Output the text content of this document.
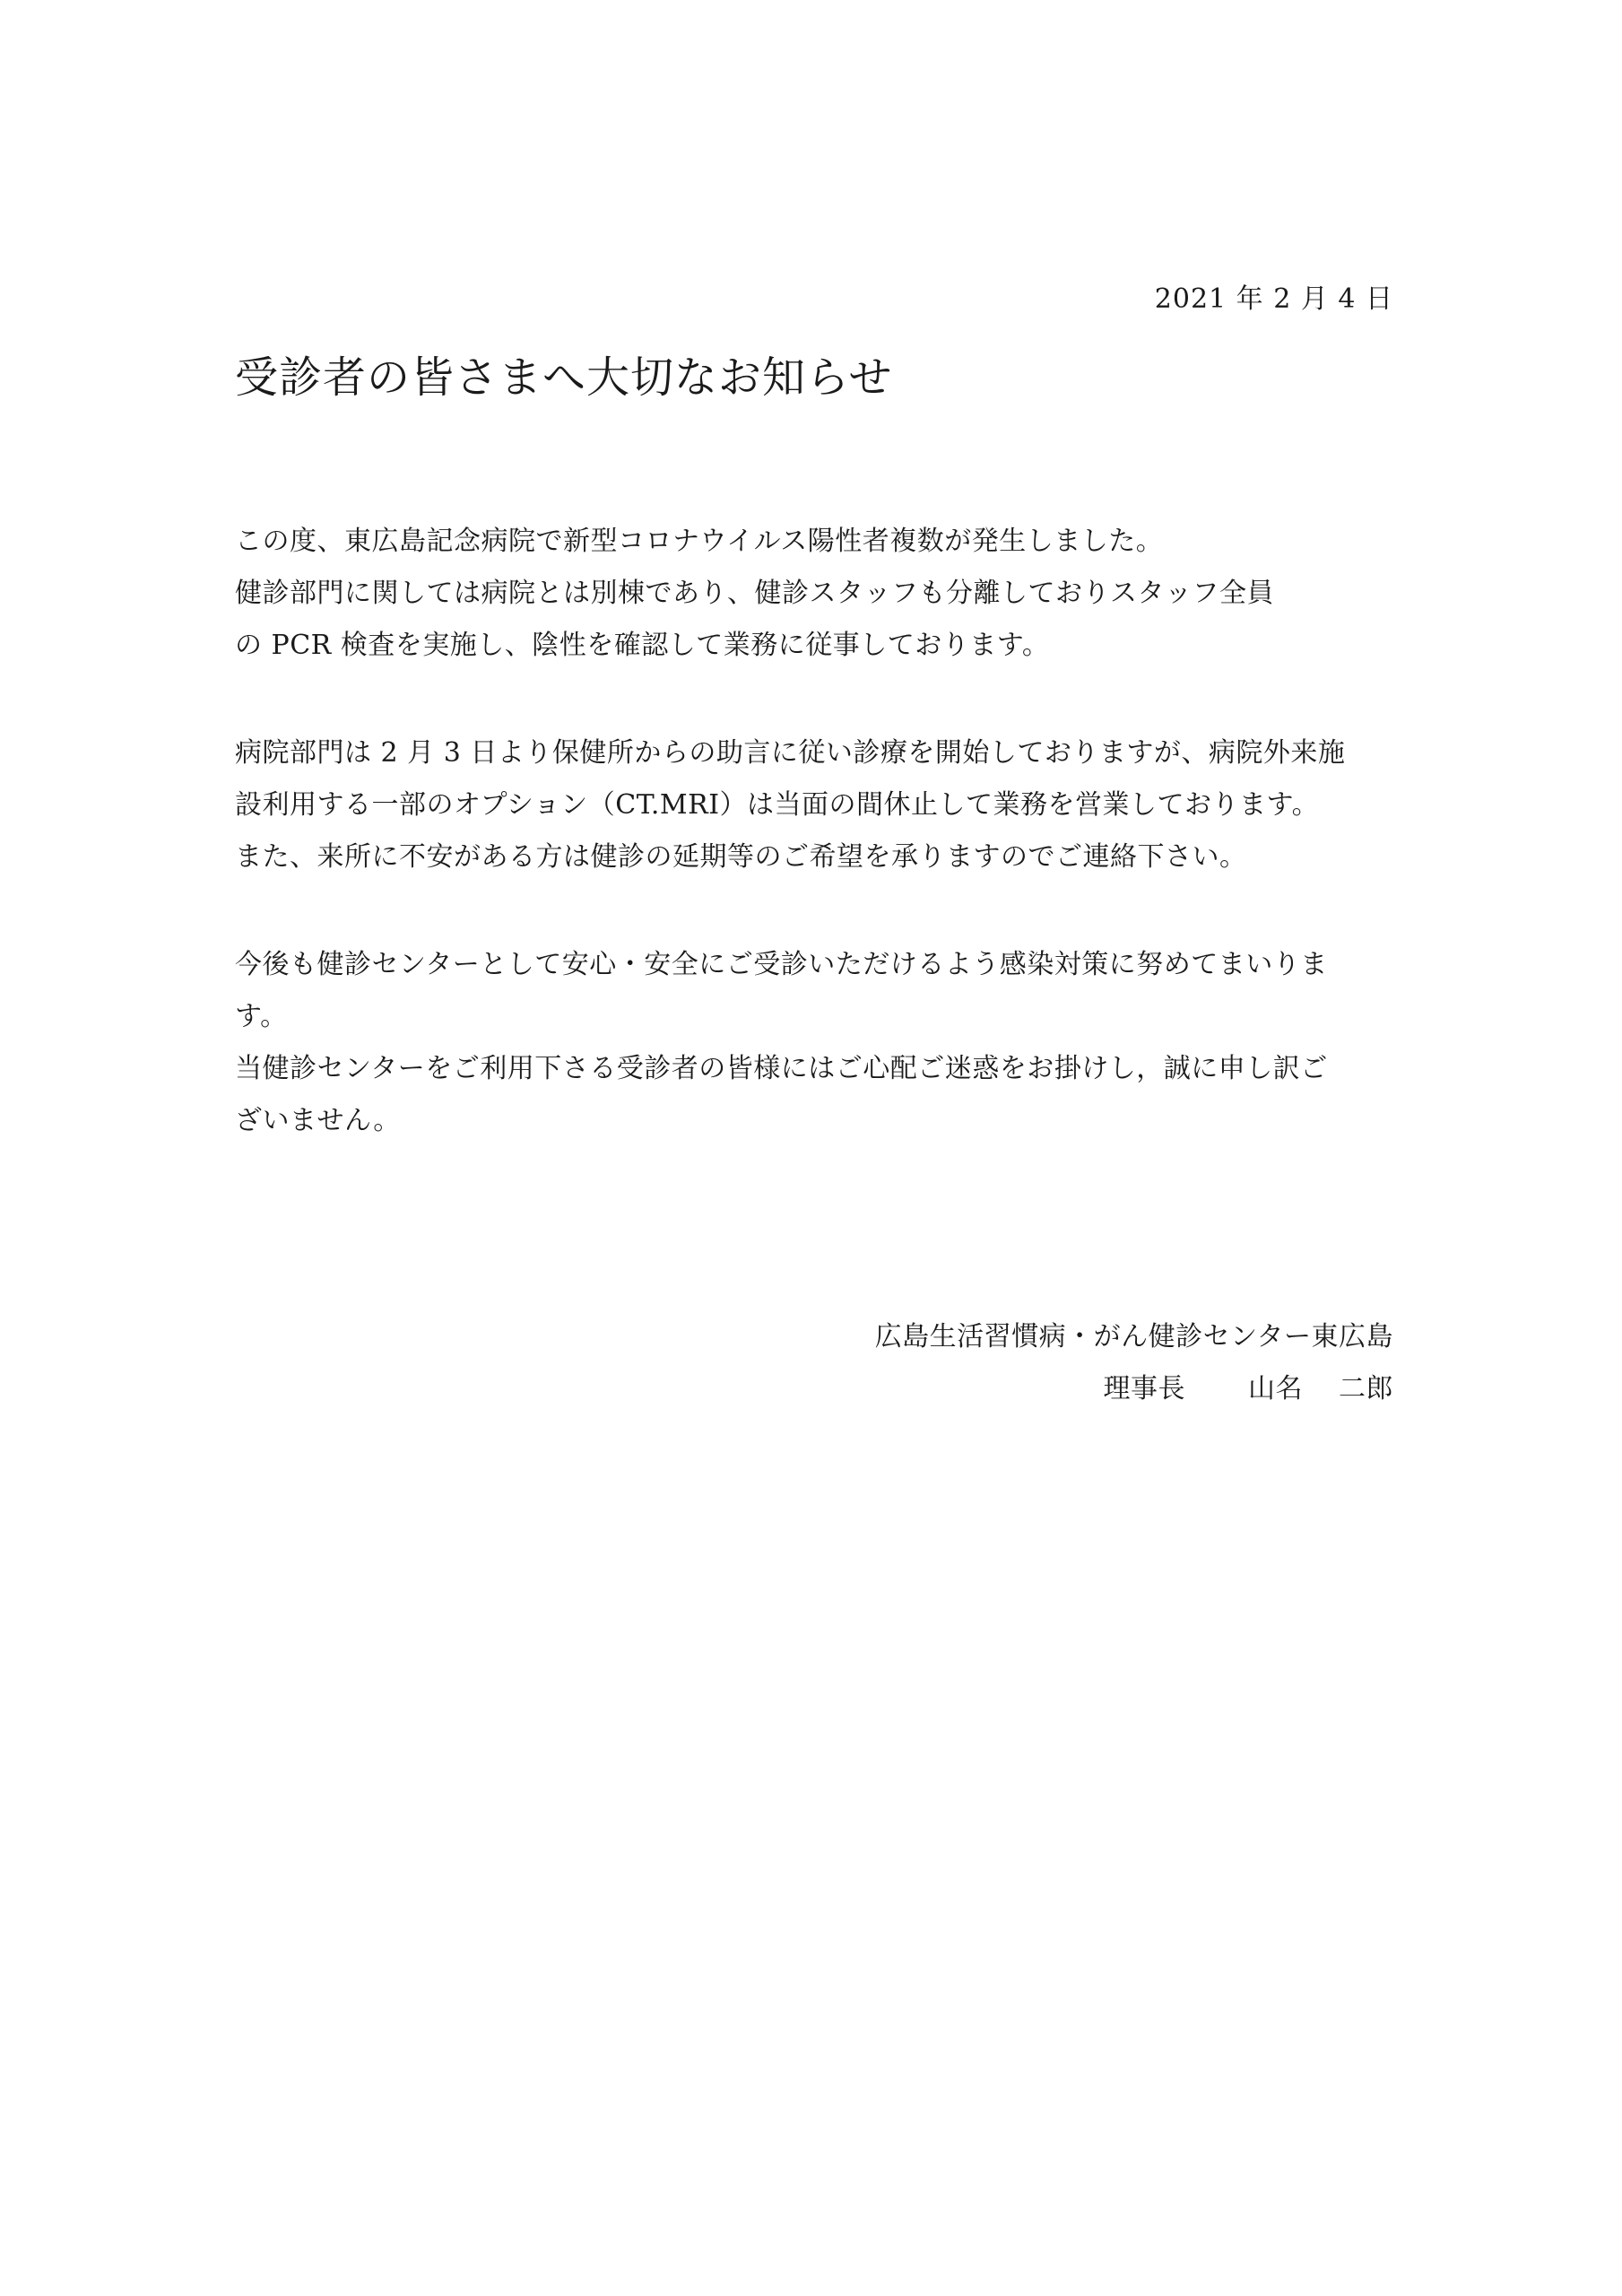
2021 年 2 月 4 日
受診者の皆さまへ大切なお知らせ
この度、東広島記念病院で新型コロナウイルス陽性者複数が発生しました。
健診部門に関しては病院とは別棟であり、健診スタッフも分離しておりスタッフ全員
の PCR 検査を実施し、陰性を確認して業務に従事しております。
病院部門は 2 月 3 日より保健所からの助言に従い診療を開始しておりますが、病院外来施
設利用する一部のオプション（CT.MRI）は当面の間休止して業務を営業しております。
また、来所に不安がある方は健診の延期等のご希望を承りますのでご連絡下さい。
今後も健診センターとして安心・安全にご受診いただけるよう感染対策に努めてまいりま
す。
当健診センターをご利用下さる受診者の皆様にはご心配ご迷惑をお掛けし，誠に申し訳ご
ざいません。
広島生活習慣病・がん健診センター東広島
理事長 山名 二郎
